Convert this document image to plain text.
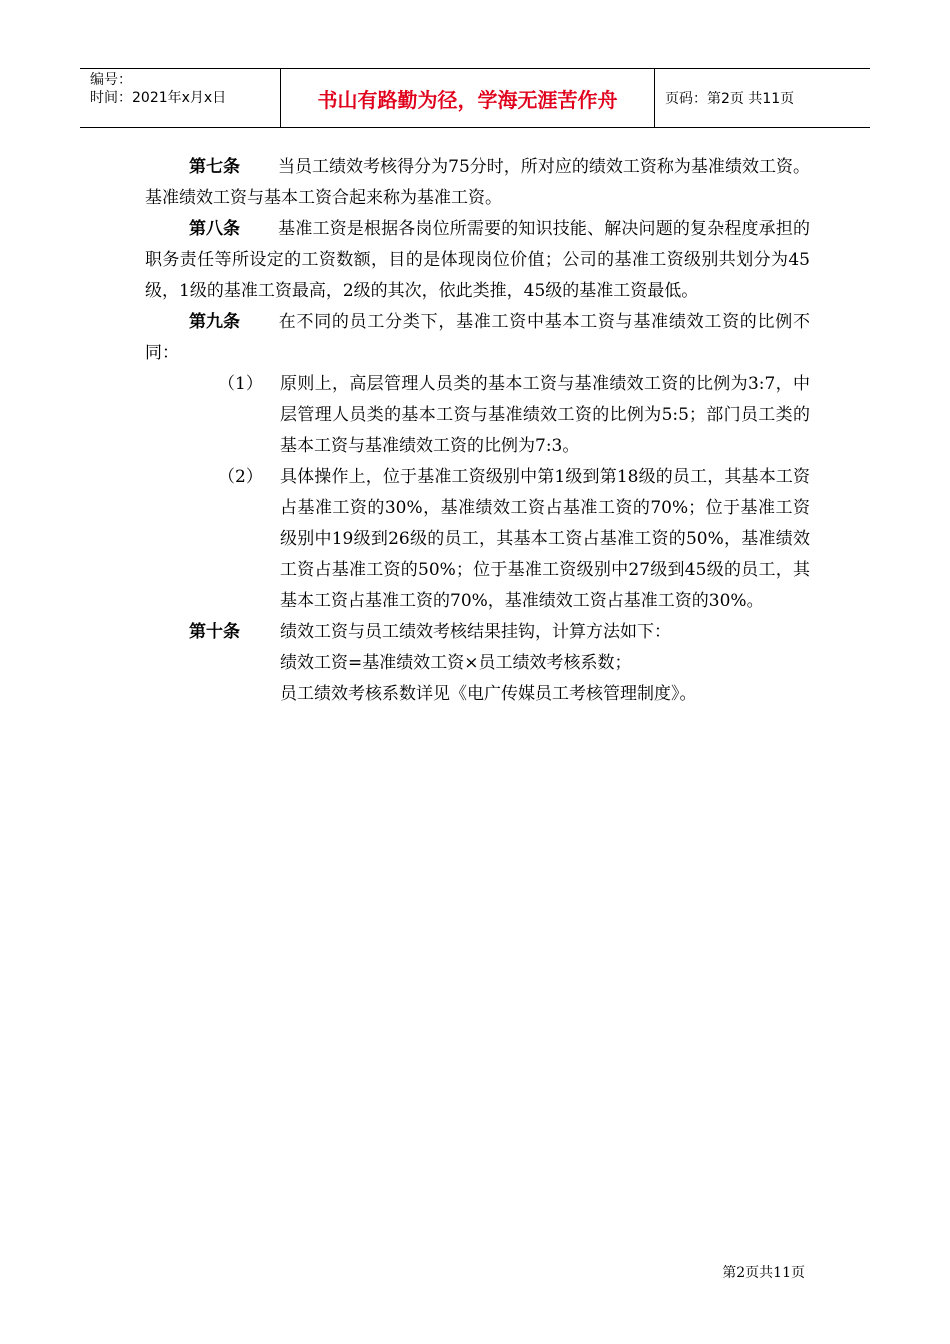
编号：
时间：2021年x月x日	书山有路勤为径，学海无涯苦作舟	页码：第2页 共11页
第七条 当员工绩效考核得分为75分时，所对应的绩效工资称为基准绩效工资。基准绩效工资与基本工资合起来称为基准工资。
第八条 基准工资是根据各岗位所需要的知识技能、解决问题的复杂程度承担的职务责任等所设定的工资数额，目的是体现岗位价值；公司的基准工资级别共划分为45级，1级的基准工资最高，2级的其次，依此类推，45级的基准工资最低。
第九条 在不同的员工分类下，基准工资中基本工资与基准绩效工资的比例不同：
（1）	原则上，高层管理人员类的基本工资与基准绩效工资的比例为3:7，中层管理人员类的基本工资与基准绩效工资的比例为5:5；部门员工类的基本工资与基准绩效工资的比例为7:3。
（2）	具体操作上，位于基准工资级别中第1级到第18级的员工，其基本工资占基准工资的30%，基准绩效工资占基准工资的70%；位于基准工资级别中19级到26级的员工，其基本工资占基准工资的50%，基准绩效工资占基准工资的50%；位于基准工资级别中27级到45级的员工，其基本工资占基准工资的70%，基准绩效工资占基准工资的30%。
第十条	绩效工资与员工绩效考核结果挂钩，计算方法如下：
绩效工资=基准绩效工资×员工绩效考核系数；
员工绩效考核系数详见《电广传媒员工考核管理制度》。
第2页共11页
